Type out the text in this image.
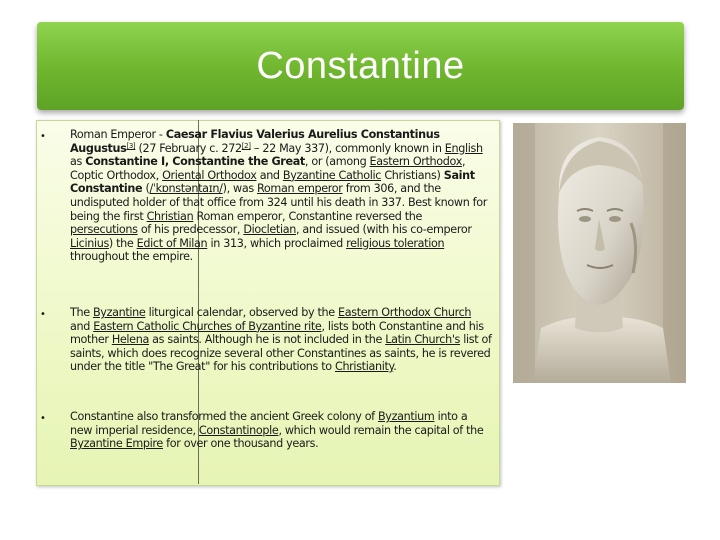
Constantine
•	Roman Emperor - Caesar Flavius Valerius Aurelius Constantinus Augustus[3] (27 February c. 272[2] – 22 May 337), commonly known in English as Constantine I, Constantine the Great, or (among Eastern Orthodox, Coptic Orthodox, Oriental Orthodox and Byzantine Catholic Christians) Saint Constantine (/ˈkɒnstəntaɪn/), was Roman emperor from 306, and the undisputed holder of that office from 324 until his death in 337. Best known for being the first Christian Roman emperor, Constantine reversed the persecutions of his predecessor, Diocletian, and issued (with his co-emperor Licinius) the Edict of Milan in 313, which proclaimed religious toleration throughout the empire.

•	The Byzantine liturgical calendar, observed by the Eastern Orthodox Church and Eastern Catholic Churches of Byzantine rite, lists both Constantine and his mother Helena as saints. Although he is not included in the Latin Church's list of saints, which does recognize several other Constantines as saints, he is revered under the title "The Great" for his contributions to Christianity.

•	Constantine also transformed the ancient Greek colony of Byzantium into a new imperial residence, Constantinople, which would remain the capital of the Byzantine Empire for over one thousand years.
